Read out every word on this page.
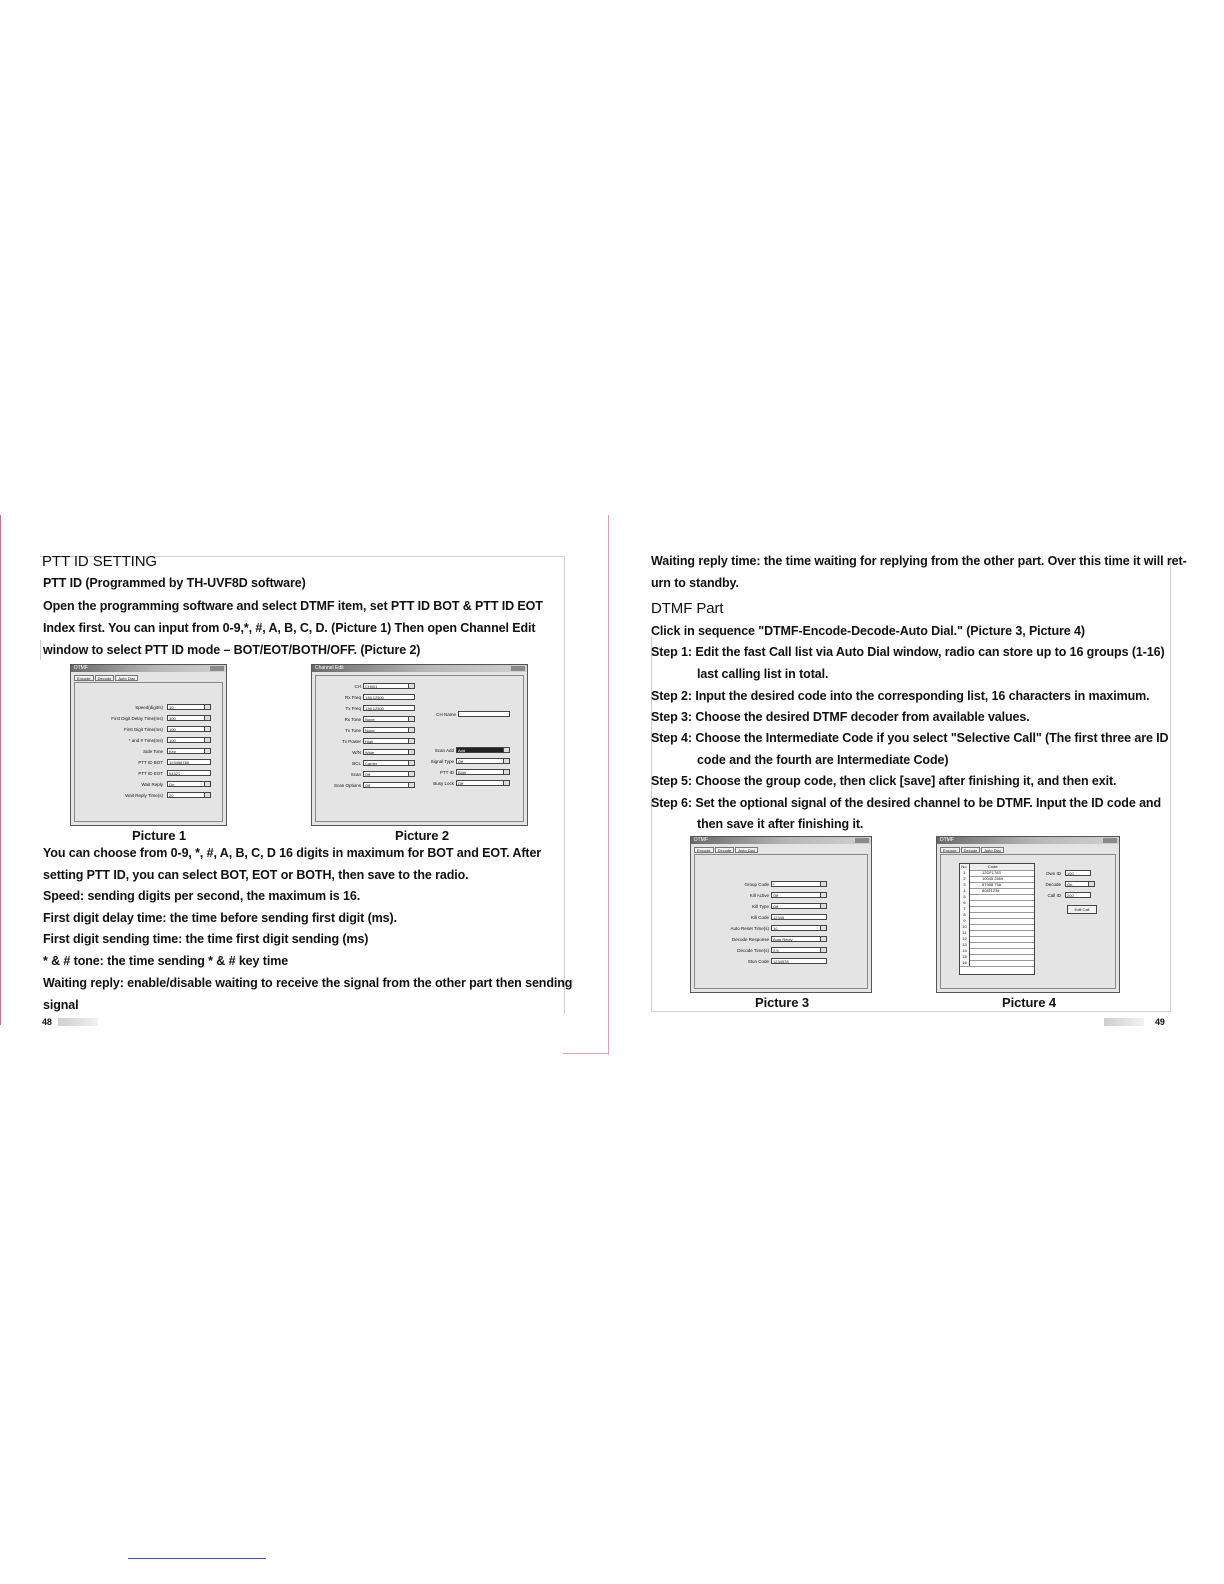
PTT ID SETTING
PTT ID (Programmed by TH-UVF8D software)
Open the programming software and select DTMF item, set PTT ID BOT & PTT ID EOT
Index first. You can input from 0-9,*, #, A, B, C, D. (Picture 1) Then open Channel Edit
window to select PTT ID mode – BOT/EOT/BOTH/OFF. (Picture 2)
DTMF
Encode	Decode	Auto Dial
Speed(digit/s)	10
First Digit Delay Time(ms)	300
First Digit Time(ms)	100
* and # Time(ms)	100
Side Tone	Key
PTT ID BOT	123456789
PTT ID EOT	54321
Wait Reply	On
Wait Reply Time(s)	20
Channel Edit
CH	CH001
Rx Freq	136.12500
Tx Freq	136.12500
Rx Tone	None
Tx Tone	None
Tx Power	High
W/N	Wide
BCL	Carrier
Scan	Off
Scan Options	Off
CH Name
Scan Add	Add
Signal Type	Off
PTT ID	Both
Busy Lock	Off
Picture 1	Picture 2
You can choose from 0-9, *, #, A, B, C, D 16 digits in maximum for BOT and EOT. After
setting PTT ID, you can select BOT, EOT or BOTH, then save to the radio.
Speed: sending digits per second, the maximum is 16.
First digit delay time: the time before sending first digit (ms).
First digit sending time: the time first digit sending (ms)
* & # tone: the time sending * & # key time
Waiting reply: enable/disable waiting to receive the signal from the other part then sending
signal
48
Waiting reply time: the time waiting for replying from the other part. Over this time it will ret-
urn to standby.
DTMF Part
Click in sequence "DTMF-Encode-Decode-Auto Dial." (Picture 3, Picture 4)
Step 1: Edit the fast Call list via Auto Dial window, radio can store up to 16 groups (1-16)
last calling list in total.
Step 2: Input the desired code into the corresponding list, 16 characters in maximum.
Step 3: Choose the desired DTMF decoder from available values.
Step 4: Choose the Intermediate Code if you select "Selective Call" (The first three are ID
code and the fourth are Intermediate Code)
Step 5: Choose the group code, then click [save] after finishing it, and then exit.
Step 6: Set the optional signal of the desired channel to be DTMF. Input the ID code and
then save it after finishing it.
DTMF
Encode	Decode	Auto Dial
Group Code	*
Kill Active	Off
Kill Type	Off
Kill Code	12345
Auto Reset Time(s)	10
Decode Response	Auto Reply
Decode Time(s)	2.5
Stun Code	1234578
DTMF
Encode	Decode	Auto Dial
No.	Code
1	12DF1783
2	10045 2569
3	87988 75A
4	8081123#
5
6
7
8
9
10
11
12
13
14
15
16
Own ID	100
Decode	On
Call ID	200
Edit Call
Picture 3	Picture 4
49
